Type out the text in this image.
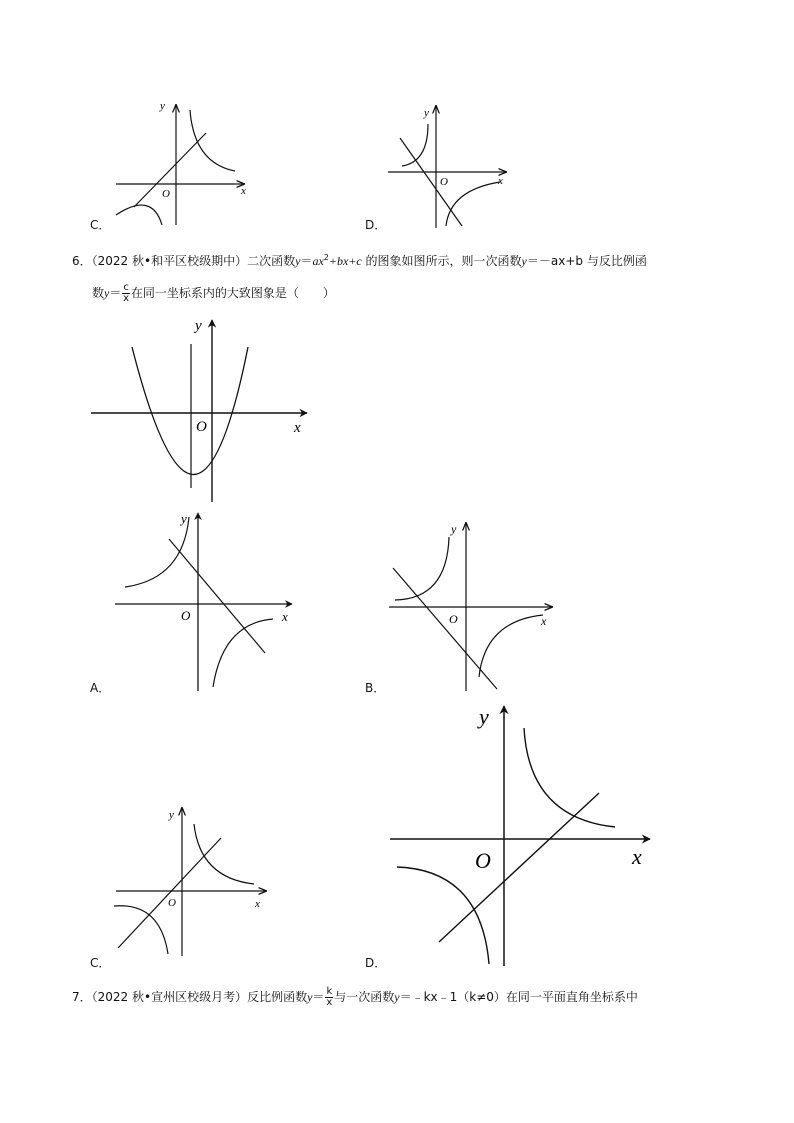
y
x
O
C．
y
x
O
D．
6．（2022 秋•和平区校级期中）二次函数$y=ax^2+bx+c$ 的图象如图所示，则一次函数y＝－ax+b 与反比例函
数$y= \frac{c}{x}$ 在同一坐标系内的大致图象是（　　）
y
x
O
y
x
O
A．
y
x
O
B．
y
x
O
C．
y
x
O
D．
7．（2022 秋•宣州区校级月考）反比例函数$y= \frac{k}{x}$ 与一次函数y＝﹣kx﹣1（k≠0）在同一平面直角坐标系中
